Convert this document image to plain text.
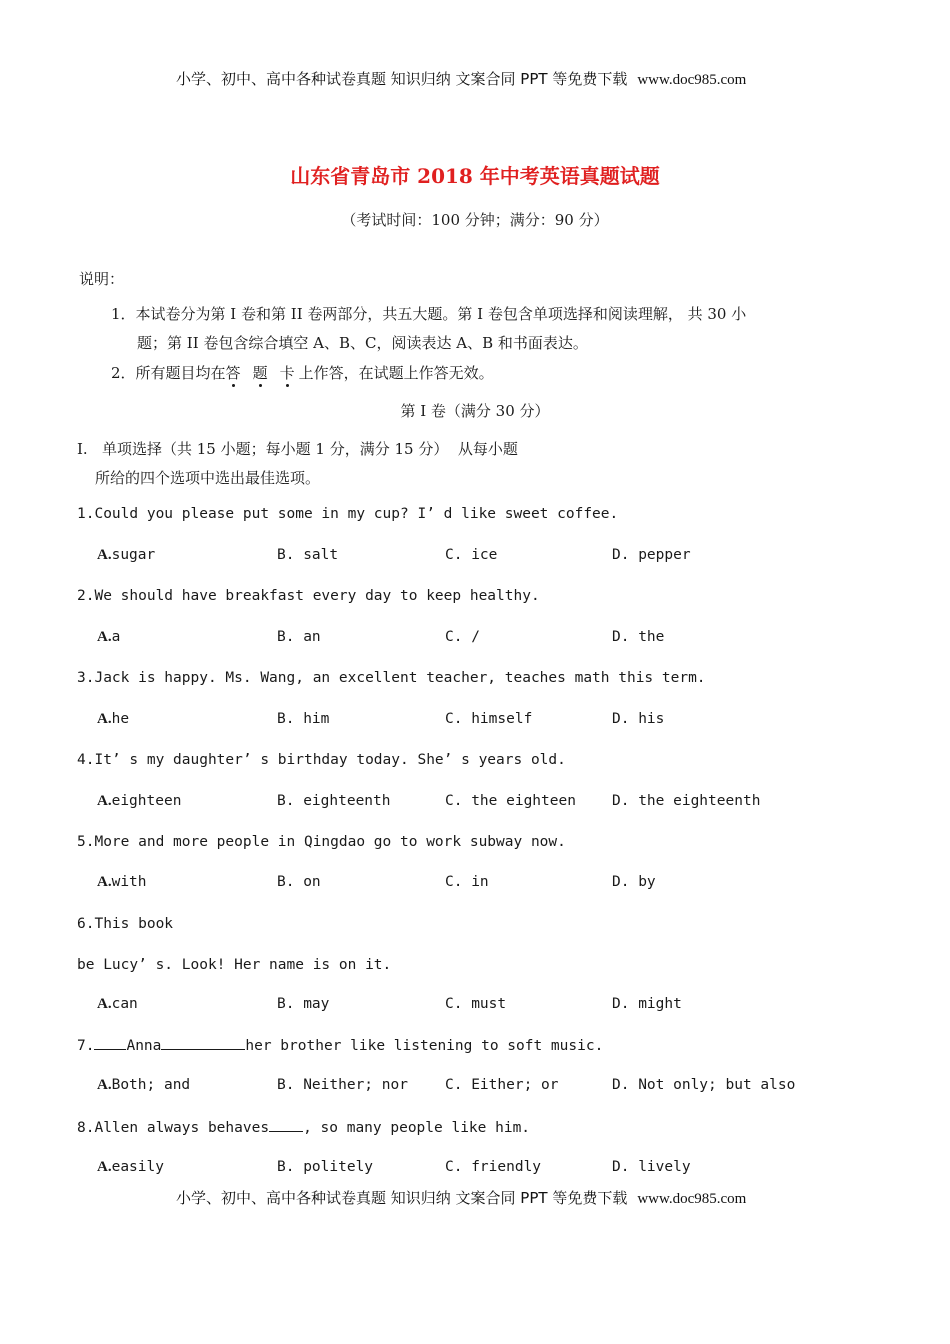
小学、初中、高中各种试卷真题 知识归纳 文案合同 PPT 等免费下载 www.doc985.com
山东省青岛市 2018 年中考英语真题试题
（考试时间：100 分钟；满分：90 分）
说明：
1．本试卷分为第 I 卷和第 II 卷两部分，共五大题。第 I 卷包含单项选择和阅读理解， 共 30 小
题；第 II 卷包含综合填空 A、B、C，阅读表达 A、B 和书面表达。
2．所有题目均在答 题 卡 上作答，在试题上作答无效。
第 I 卷（满分 30 分）
I.   单项选择（共 15 小题；每小题 1 分，满分 15 分）  从每小题
所给的四个选项中选出最佳选项。
1.Could you please put some in my cup? I’ d like sweet coffee.
A.sugar	B. salt	C. ice	D. pepper
2.We should have breakfast every day to keep healthy.
A.a	B. an	C. /	D. the
3.Jack is happy. Ms. Wang, an excellent teacher, teaches math this term.
A.he	B. him	C. himself	D. his
4.It’ s my daughter’ s birthday today. She’ s years old.
A.eighteen	B. eighteenth	C. the eighteen D. the eighteenth
5.More and more people in Qingdao go to work subway now.
A.with	B. on	C. in	D. by
6.This book
be Lucy’ s. Look! Her name is on it.
A.can	B. may	C. must	D. might
7. Anna	her brother like listening to soft music.
A.Both; and	B. Neither; nor	C. Either; or	D. Not only; but also
8.Allen always behaves , so many people like him.
A.easily	B. politely	C. friendly	D. lively
小学、初中、高中各种试卷真题 知识归纳 文案合同 PPT 等免费下载 www.doc985.com
